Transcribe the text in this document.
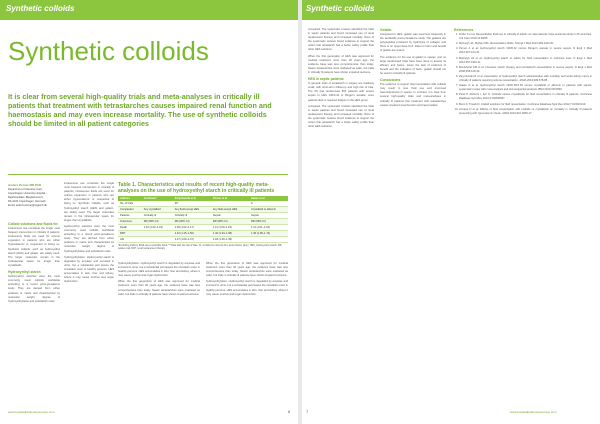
Synthetic colloids	Synthetic colloids
Synthetic colloids
It is clear from several high-quality trials and meta-analyses in critically ill patients that treatment with tetrastarches causes impaired renal function and haemostasis and may even increase mortality. The use of synthetic colloids should be limited in all patient categories
Anders Perner MD PhD
Department of Intensive Care,
Copenhagen University Hospital –
Rigshospitalet, Blegdamsvej 9,
DK-2100 Copenhagen, Denmark
Email: anders.perner@regionh.dk
Colloid solutions and fluids for

intravenous use constitute the single most frequent intervention in critically ill patients; intravenous fluids are used for volume expansion in patients who are either hypovolaemic or suspected of being so. Synthetic colloids, such as hydroxyethyl starch (HES) and gelatin, are widely used. The larger molecules remain in the intravascular space for longer than crystalloids.

Hydroxyethyl starch

Hydroxyethyl starches were the most commonly used colloids worldwide according to a recent point-prevalence study. They are derived from either potatoes or maize and characterised by molecular weight, degree of hydroxyethylation and substitution ratio.

intravenous use constitute the single most frequent intervention in critically ill patients; intravenous fluids are used for volume expansion in patients who are either hypovolaemic or suspected of being so. Synthetic colloids, such as hydroxyethyl starch (HES) and gelatin, are widely used. The larger molecules remain in the intravascular space for longer than crystalloids.

Hydroxyethyl starches were the most commonly used colloids worldwide according to a recent point-prevalence study. They are derived from either potatoes or maize and characterised by molecular weight, degree of hydroxyethylation and substitution ratio.

hydroxyethylation. Hydroxyethyl starch is degraded by amylase and excreted in urine, but a substantial part leaves the circulation even in healthy persons. HES accumulates in skin, liver and kidney, where it may cause pruritus and organ dysfunction.

Table 1. Characteristics and results of recent high-quality meta-analyses on the use of hydroxyethyl starch in critically ill patients
Authors	Cochrane*	Zarychanski et al	Perner et al	Haase et al
No. of trials		38		9
Comparator	Any crystalloid	Any fluid except HES	Any fluid except HES	Crystalloid or albumin
Patients	Critically ill	Critically ill	Sepsis	Sepsis
Outcomes	RR (95% CI)	RR (95% CI)	RR (95% CI)	RR (95% CI)
Death	1.10 (1.02–1.19)	1.09 (1.02–1.17)	1.11 (1.00–1.23)	1.11 (1.01–1.22)
RRT		1.32 (1.15–1.50)	1.32 (1.04–1.68)	1.36 (1.08–1.72)
AKI		1.27 (1.09–1.47)	1.18 (1.00–1.39)	
*Excluding trials by Boldt due to possible fraud. **Trials with low risk of bias. CI, confidence interval; AKI, acute kidney injury; HES, hydroxyethyl starch; RR, relative risk; RRT, renal replacement therapy

hydroxyethylation. Hydroxyethyl starch is degraded by amylase and excreted in urine, but a substantial part leaves the circulation even in healthy persons. HES accumulates in skin, liver and kidney, where it may cause pruritus and organ dysfunction.

When the first generation of HES was approved for medical treatment more than 30 years ago, the evidence base was less comprehensive than today. Newer tetrastarches were marketed as safer, but trials in critically ill patients have shown impaired outcome.

When the first generation of HES was approved for medical treatment more than 30 years ago, the evidence base was less comprehensive than today. Newer tetrastarches were marketed as safer, but trials in critically ill patients have shown impaired outcome.

hydroxyethylation. Hydroxyethyl starch is degraded by amylase and excreted in urine, but a substantial part leaves the circulation even in healthy persons. HES accumulates in skin, liver and kidney, where it may cause pruritus and organ dysfunction.

compared. The systematic reviews identified the trials in septic patients and found increased use of renal replacement therapy and increased mortality. None of the systematic reviews found evidence to support the notion that tetrastarch has a better safety profile than other HES solutions.

When the first generation of HES was approved for medical treatment more than 30 years ago, the evidence base was less comprehensive than today. Newer tetrastarches were marketed as safer, but trials in critically ill patients have shown impaired outcome.

HES in septic patients

In general, trials of tetrastarch in surgery are relatively small, with short-term follow-up and high risk of bias. The 6S trial randomised 804 patients with severe sepsis to HES 130/0.42 or Ringer's acetate; more patients died or required dialysis in the HES group.

compared. The systematic reviews identified the trials in septic patients and found increased use of renal replacement therapy and increased mortality. None of the systematic reviews found evidence to support the notion that tetrastarch has a better safety profile than other HES solutions.

Gelatin

Compared to HES, gelatin was used less frequently in the worldwide point-prevalence study. The gelatins are polypeptides produced by hydrolysis of collagen and there is no upper dose limit. Data on harm and benefit of gelatin are scarce.

The evidence for the use of gelatin is sparse, and no large randomised trials have been done to assess its efficacy and harms. Given the lack of evidence of benefit and the indication of harm, gelatin should not be used in critically ill patients.

Conclusions

The evidence to support that resuscitation with colloids may result in less fluid use and improved haemodynamics is sparse. In contrast, it is clear from several high-quality trials and meta-analyses in critically ill patients that treatment with tetrastarches causes impaired renal function and haemostasis.

References
1. Finfer S et al. Resuscitation fluid use in critically ill adults: an international cross-sectional study in 25 countries. Crit Care 2010;14:R185
2. Myburgh JA, Mythen MG. Resuscitation fluids. N Engl J Med 2013;369:1243-51
3. Perner A et al. Hydroxyethyl starch 130/0.42 versus Ringer's acetate in severe sepsis. N Engl J Med 2012;367:124-34
4. Myburgh JA et al. Hydroxyethyl starch or saline for fluid resuscitation in intensive care. N Engl J Med 2012;367:1901-11
5. Brunkhorst FM et al. Intensive insulin therapy and pentastarch resuscitation in severe sepsis. N Engl J Med 2008;358:125-39
6. Zarychanski R et al. Association of hydroxyethyl starch administration with mortality and acute kidney injury in critically ill patients requiring volume resuscitation. JAMA 2013;309:678-88
7. Haase N et al. Hydroxyethyl starch 130/0.38-0.45 versus crystalloid or albumin in patients with sepsis: systematic review with meta-analysis and trial sequential analysis. BMJ 2013;346:f839
8. Perel P, Roberts I, Ker K. Colloids versus crystalloids for fluid resuscitation in critically ill patients. Cochrane Database Syst Rev 2013;2:CD000567
9. Bunn F, Trivedi D. Colloid solutions for fluid resuscitation. Cochrane Database Syst Rev 2012;7:CD001319
10. Annane D et al. Effects of fluid resuscitation with colloids vs crystalloids on mortality in critically ill patients presenting with hypovolemic shock. JAMA 2013;310:1809-17
www.hospitalpharmacyeurope.com	6	7	www.hospitalpharmacyeurope.com
